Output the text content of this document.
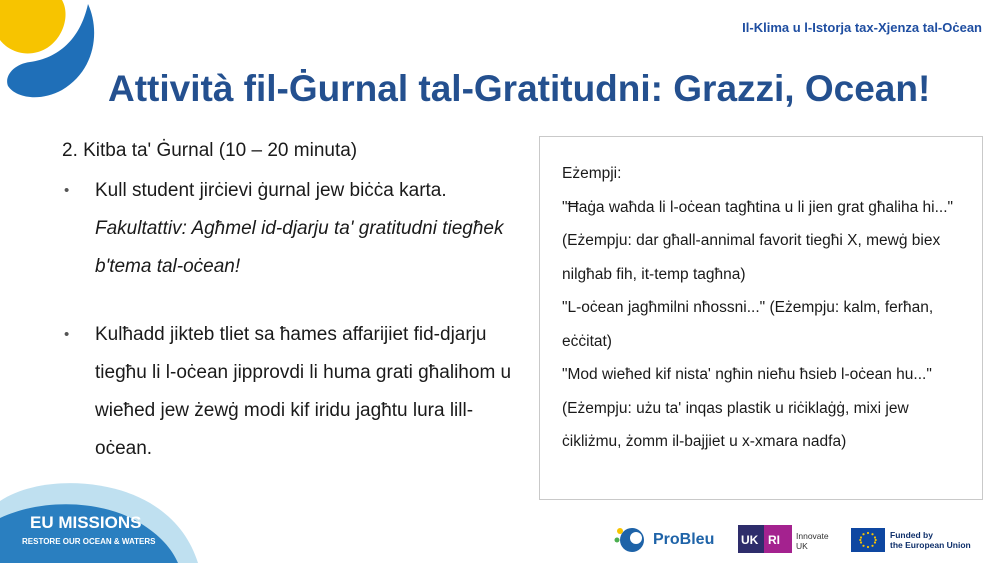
Il-Klima u l-Istorja tax-Xjenza tal-Oċean
Attività fil-Ġurnal tal-Gratitudni: Grazzi, Ocean!
2. Kitba ta' Ġurnal (10 – 20 minuta)
• Kull student jirċievi ġurnal jew biċċa karta. Fakultattiv: Agħmel id-djarju ta' gratitudni tiegħek b'tema tal-oċean!
• Kulħadd jikteb tliet sa ħames affarijiet fid-djarju tiegħu li l-oċean jipprovdi li huma grati għalihom u wieħed jew żewġ modi kif iridu jagħtu lura lill-oċean.

Eżempji:

"Ħaġa waħda li l-oċean tagħtina u li jien grat għaliha hi..." (Eżempju: dar għall-annimal favorit tiegħi X, mewġ biex nilgħab fih, it-temp tagħna)

"L-oċean jagħmilni nħossni..." (Eżempju: kalm, ferħan, eċċitat)

"Mod wieħed kif nista' ngħin nieħu ħsieb l-oċean hu..." (Eżempju: użu ta' inqas plastik u riċiklaġġ, mixi jew ċikliżmu, żomm il-bajjiet u x-xmara nadfa)

EU MISSIONS
RESTORE OUR OCEAN & WATERS	ProBleu UK RI Innovate
UK
Funded by
the European Union
